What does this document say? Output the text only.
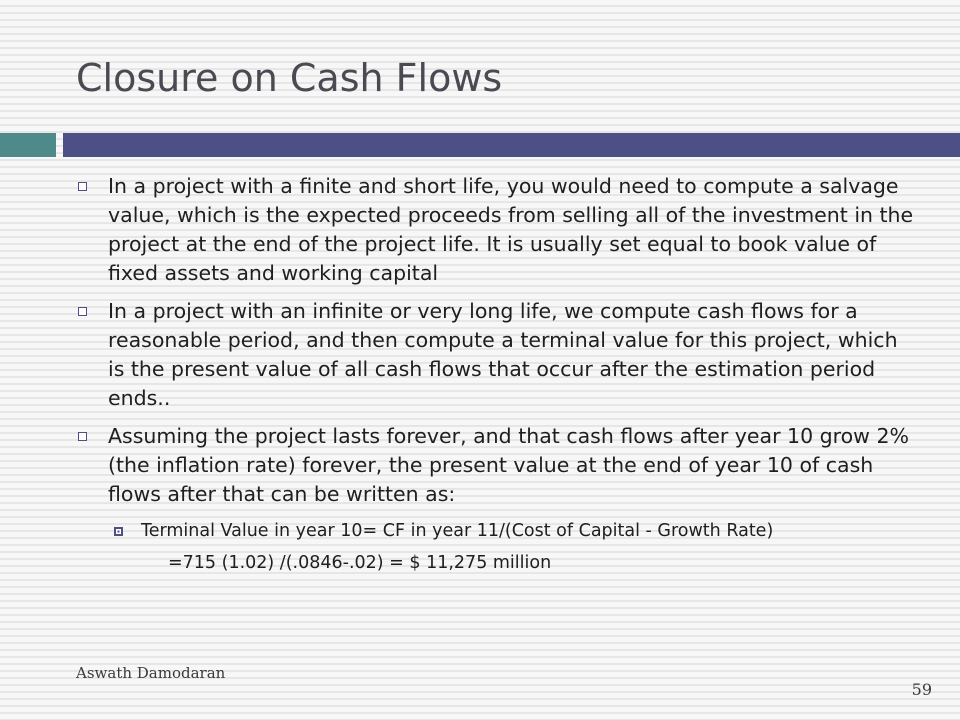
Closure on Cash Flows
In a project with a finite and short life, you would need to compute a salvage value, which is the expected proceeds from selling all of the investment in the project at the end of the project life. It is usually set equal to book value of fixed assets and working capital
In a project with an infinite or very long life, we compute cash flows for a reasonable period, and then compute a terminal value for this project, which is the present value of all cash flows that occur after the estimation period ends..
Assuming the project lasts forever, and that cash flows after year 10 grow 2% (the inflation rate) forever, the present value at the end of year 10 of cash flows after that can be written as:
Terminal Value in year 10= CF in year 11/(Cost of Capital - Growth Rate)
=715 (1.02) /(.0846-.02) = $ 11,275 million
Aswath Damodaran
59
